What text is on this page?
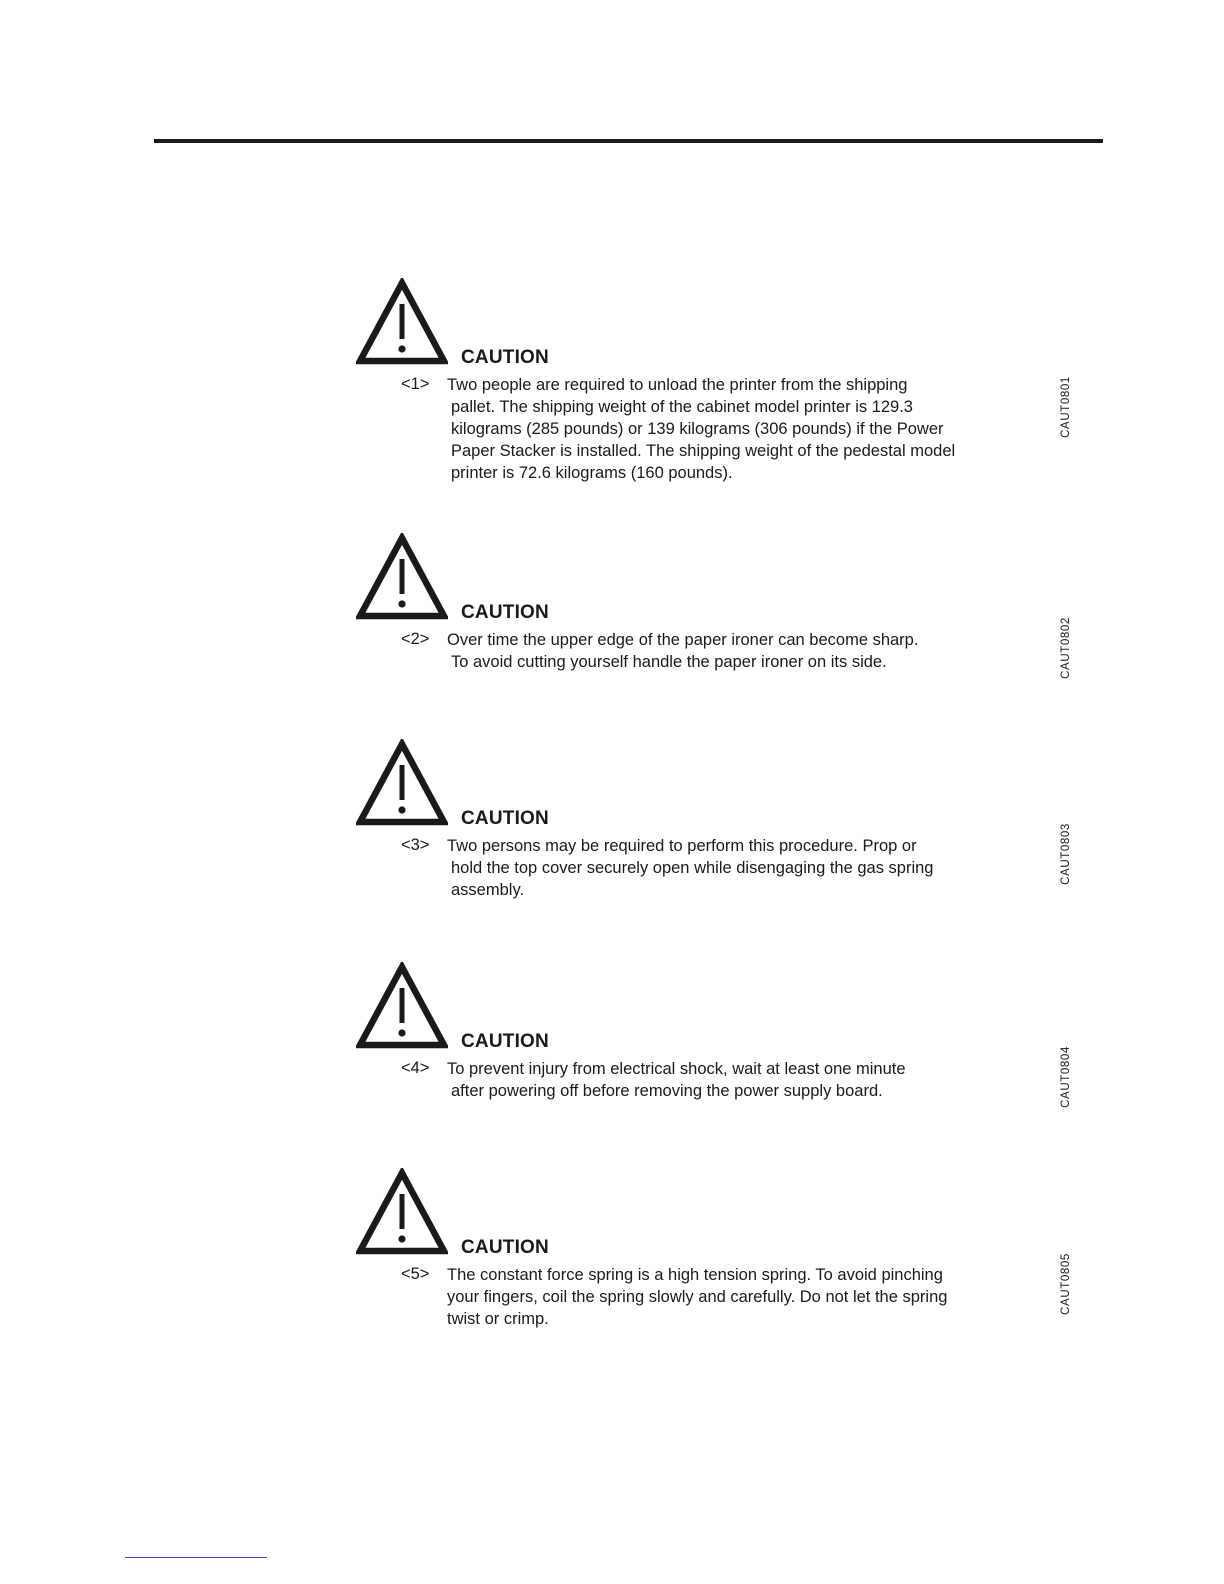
CAUTION
<1> Two people are required to unload the printer from the shipping
pallet. The shipping weight of the cabinet model printer is 129.3
kilograms (285 pounds) or 139 kilograms (306 pounds) if the Power
Paper Stacker is installed. The shipping weight of the pedestal model
printer is 72.6 kilograms (160 pounds).
CAUT0801
CAUTION
<2> Over time the upper edge of the paper ironer can become sharp.
To avoid cutting yourself handle the paper ironer on its side.	CAUT0802
CAUTION
<3> Two persons may be required to perform this procedure. Prop or
hold the top cover securely open while disengaging the gas spring
assembly.
CAUT0803
CAUTION
<4> To prevent injury from electrical shock, wait at least one minute
after powering off before removing the power supply board.	CAUT0804
CAUTION
<5> The constant force spring is a high tension spring. To avoid pinching
your fingers, coil the spring slowly and carefully. Do not let the spring
twist or crimp.
CAUT0805
